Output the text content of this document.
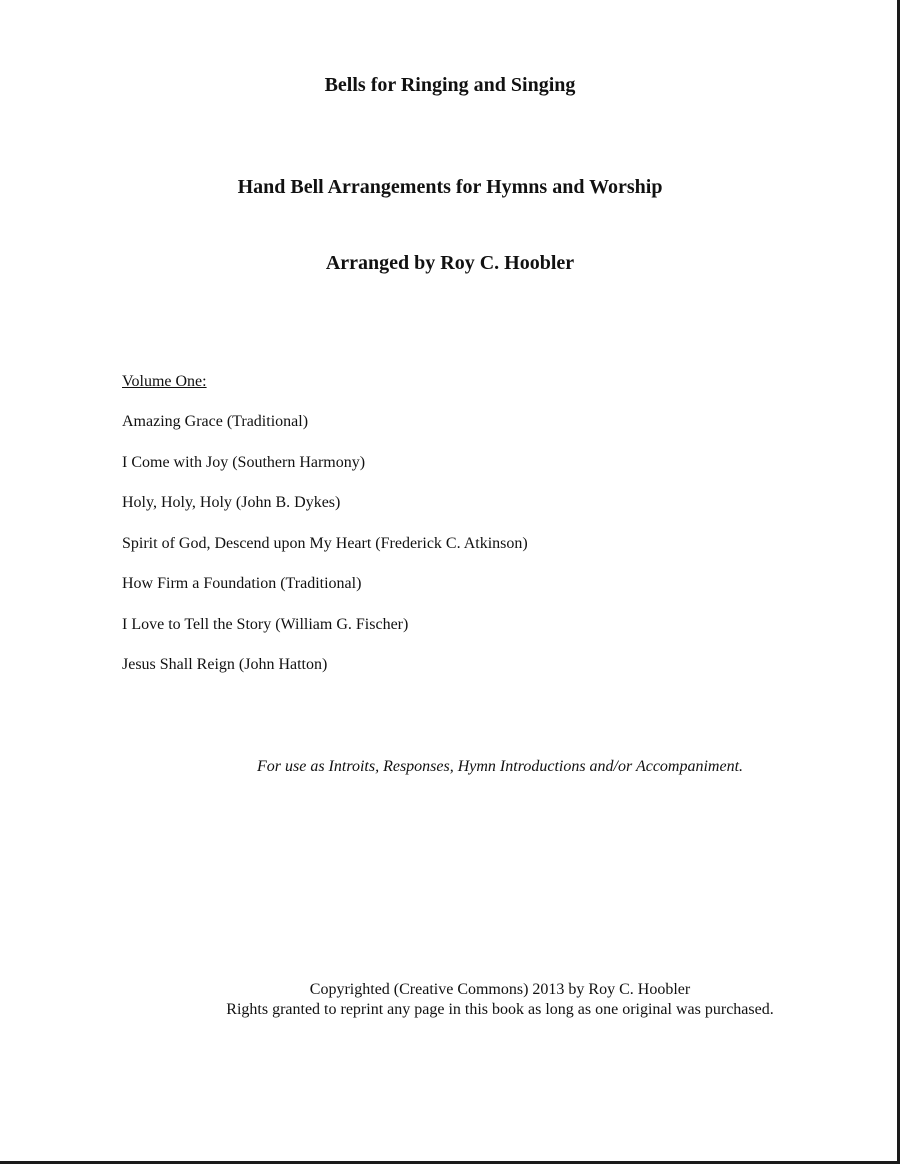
Bells for Ringing and Singing
Hand Bell Arrangements for Hymns and Worship
Arranged by Roy C. Hoobler
Volume One:
Amazing Grace (Traditional)
I Come with Joy (Southern Harmony)
Holy, Holy, Holy (John B. Dykes)
Spirit of God, Descend upon My Heart (Frederick C. Atkinson)
How Firm a Foundation (Traditional)
I Love to Tell the Story (William G. Fischer)
Jesus Shall Reign (John Hatton)
For use as Introits, Responses, Hymn Introductions and/or Accompaniment.
Copyrighted (Creative Commons) 2013 by Roy C. Hoobler
Rights granted to reprint any page in this book as long as one original was purchased.
